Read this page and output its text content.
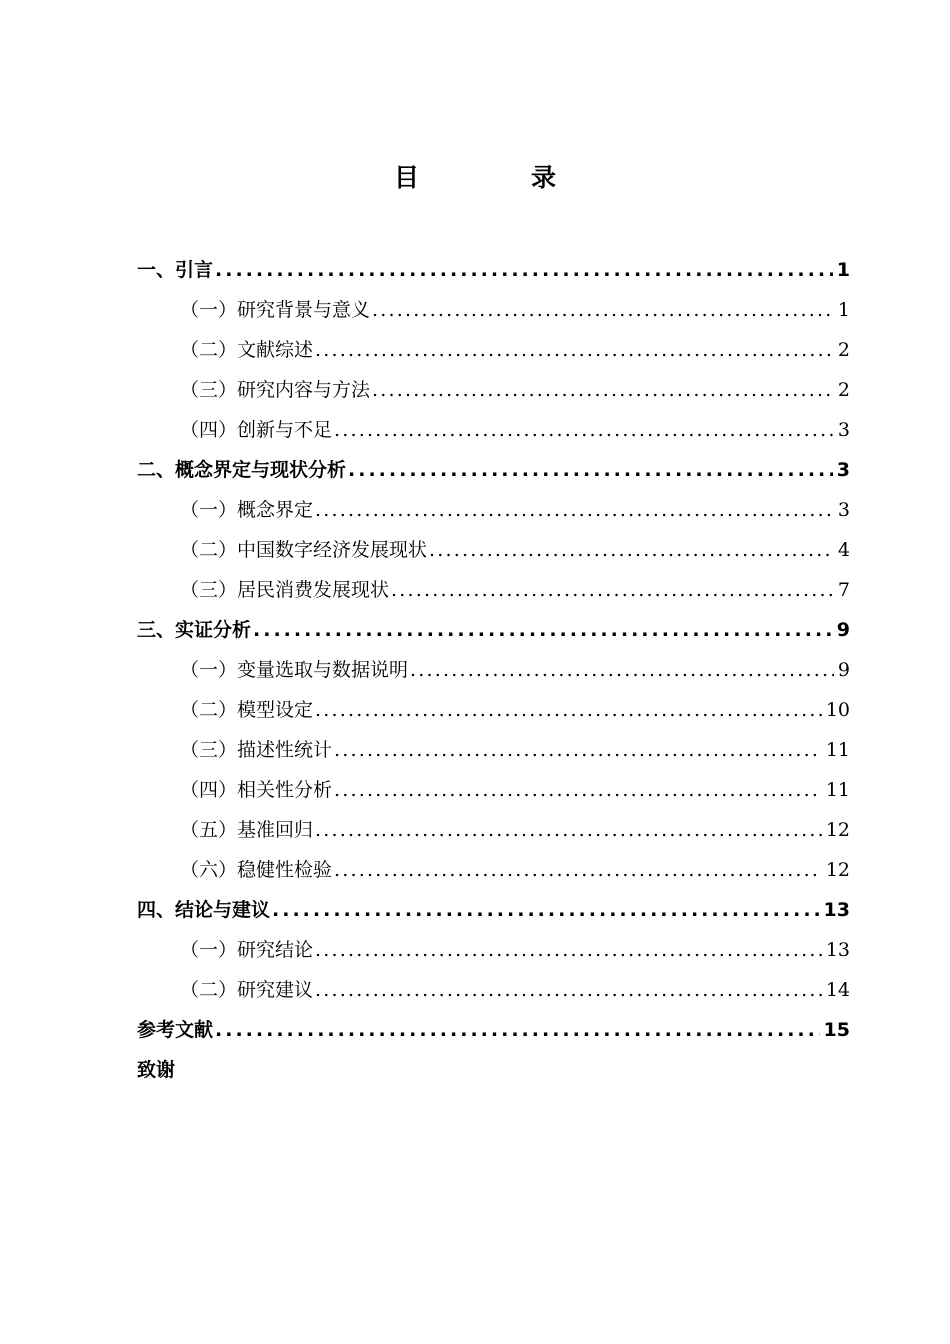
目	录
一、引言 .....	1
（一）研究背景与意义 .....	1
（二）文献综述 .....	2
（三）研究内容与方法 .....	2
（四）创新与不足 .....	3
二、概念界定与现状分析 .....	3
（一）概念界定 .....	3
（二）中国数字经济发展现状 .....	4
（三）居民消费发展现状 .....	7
三、实证分析 .....	9
（一）变量选取与数据说明 .....	9
（二）模型设定 .....	10
（三）描述性统计 .....	11
（四）相关性分析 .....	11
（五）基准回归 .....	12
（六）稳健性检验 .....	12
四、结论与建议 .....	13
（一）研究结论 .....	13
（二）研究建议 .....	14
参考文献 .....	15
致谢
